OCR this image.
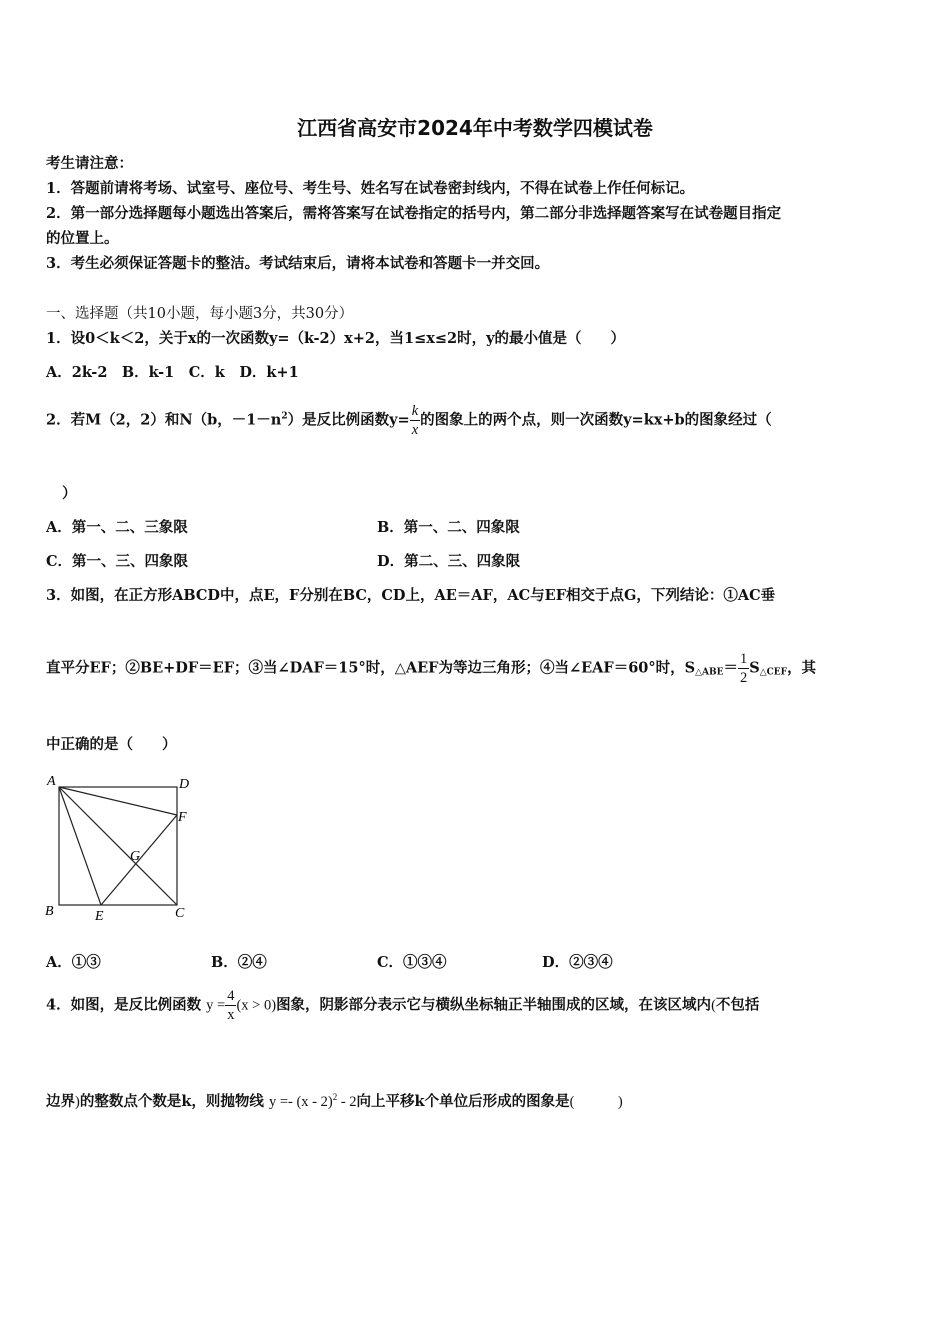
江西省高安市2024年中考数学四模试卷
考生请注意：
1．答题前请将考场、试室号、座位号、考生号、姓名写在试卷密封线内，不得在试卷上作任何标记。
2．第一部分选择题每小题选出答案后，需将答案写在试卷指定的括号内，第二部分非选择题答案写在试卷题目指定
的位置上。
3．考生必须保证答题卡的整洁。考试结束后，请将本试卷和答题卡一并交回。
一、选择题（共10小题，每小题3分，共30分）
1．设0＜k＜2，关于x的一次函数y=（k-2）x+2，当1≤x≤2时，y的最小值是（　　）
A．2k-2　B．k-1　C．k　D．k+1
2．若M（2，2）和N（b，$-1-n^2$）是反比例函数$y= \frac{k}{x}$ 的图象上的两个点，则一次函数y=kx+b的图象经过（
）
A．第一、二、三象限	B．第一、二、四象限
C．第一、三、四象限	D．第二、三、四象限
3．如图，在正方形ABCD中，点E，F分别在BC，CD上，AE＝AF，AC与EF相交于点G，下列结论：①AC垂
直平分EF；②BE+DF＝EF；③当∠DAF＝15°时，△AEF为等边三角形；④当∠EAF＝60°时，$S_{\triangle ABE}= \frac{1}{2} S_{\triangle CEF}$，其
中正确的是（　　）
A	D
F
G
B	E	C
A．①③	B．②④	C．①③④	D．②③④
4．如图，是反比例函数 $y = \frac{4}{x} (x > 0)$图象，阴影部分表示它与横纵坐标轴正半轴围成的区域，在该区域内(不包括
边界)的整数点个数是k，则抛物线 y =- (x - 2)$^2$ - 2向上平移k个单位后形成的图象是(　　　)
